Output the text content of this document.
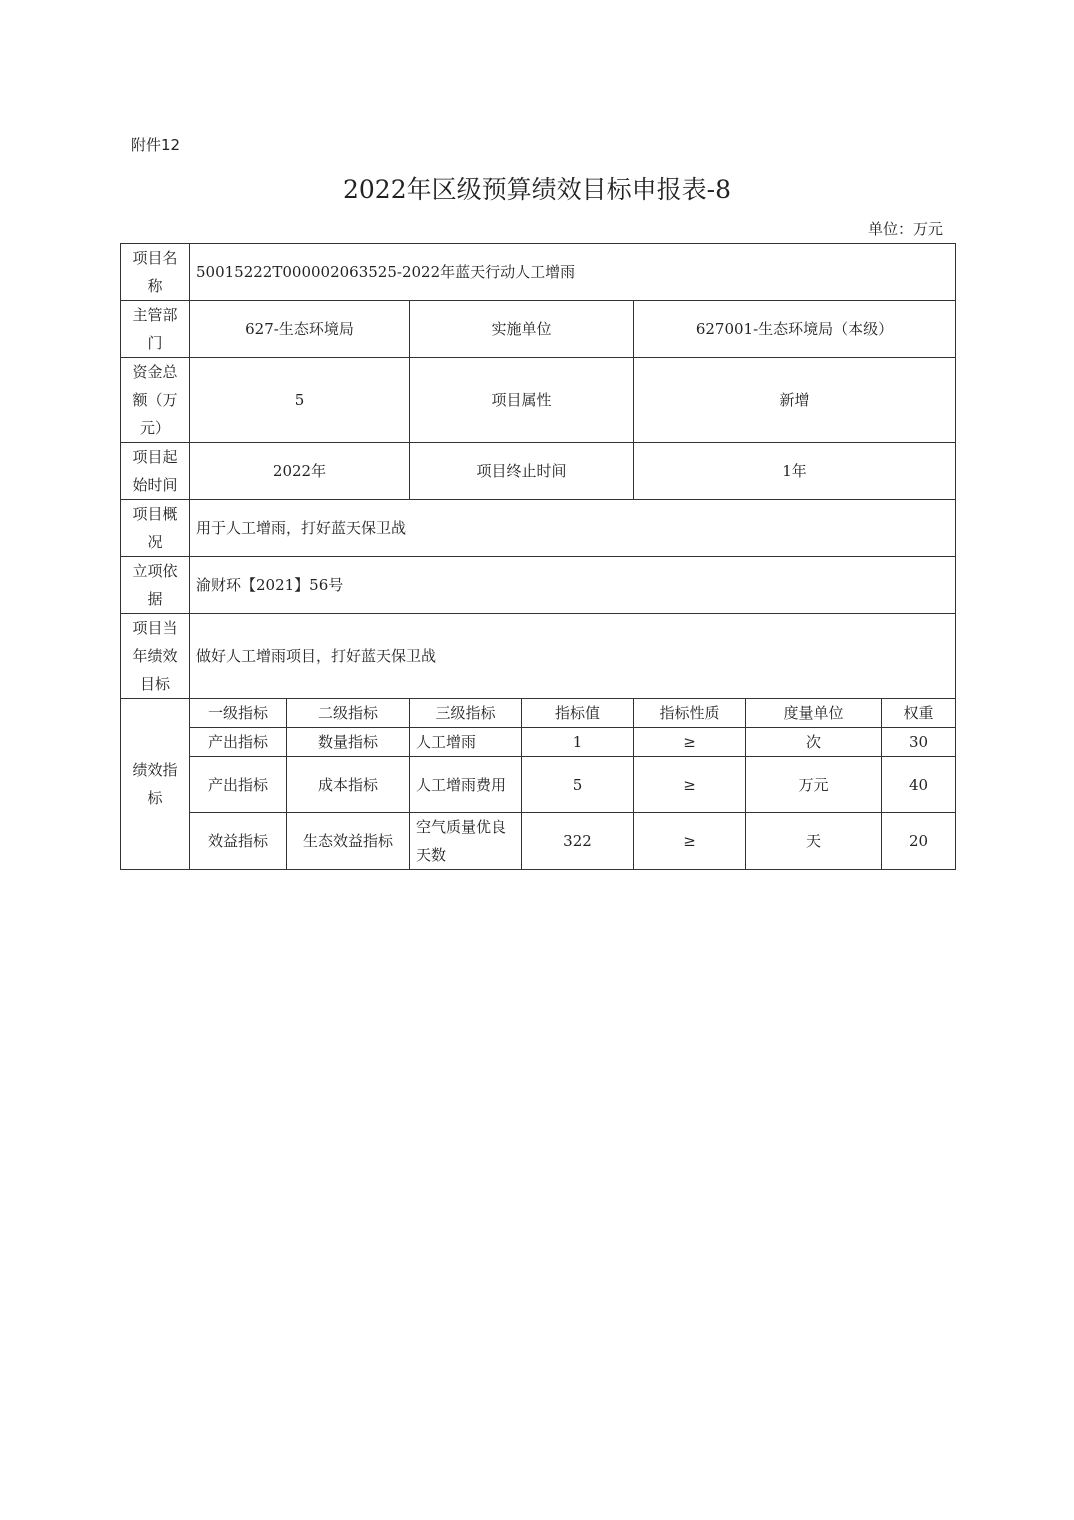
附件12
2022年区级预算绩效目标申报表-8
单位：万元
项目名称	50015222T000002063525-2022年蓝天行动人工增雨						
主管部门	627-生态环境局		实施单位		627001-生态环境局（本级）		
资金总额（万元）	5		项目属性		新增		
项目起始时间	2022年		项目终止时间		1年		
项目概况	用于人工增雨，打好蓝天保卫战						
立项依据	渝财环【2021】56号						
项目当年绩效目标	做好人工增雨项目，打好蓝天保卫战						
绩效指标	一级指标	二级指标	三级指标	指标值	指标性质	度量单位	权重
	产出指标	数量指标	人工增雨	1	≥	次	30
	产出指标	成本指标	人工增雨费用	5	≥	万元	40
	效益指标	生态效益指标	空气质量优良天数	322	≥	天	20
